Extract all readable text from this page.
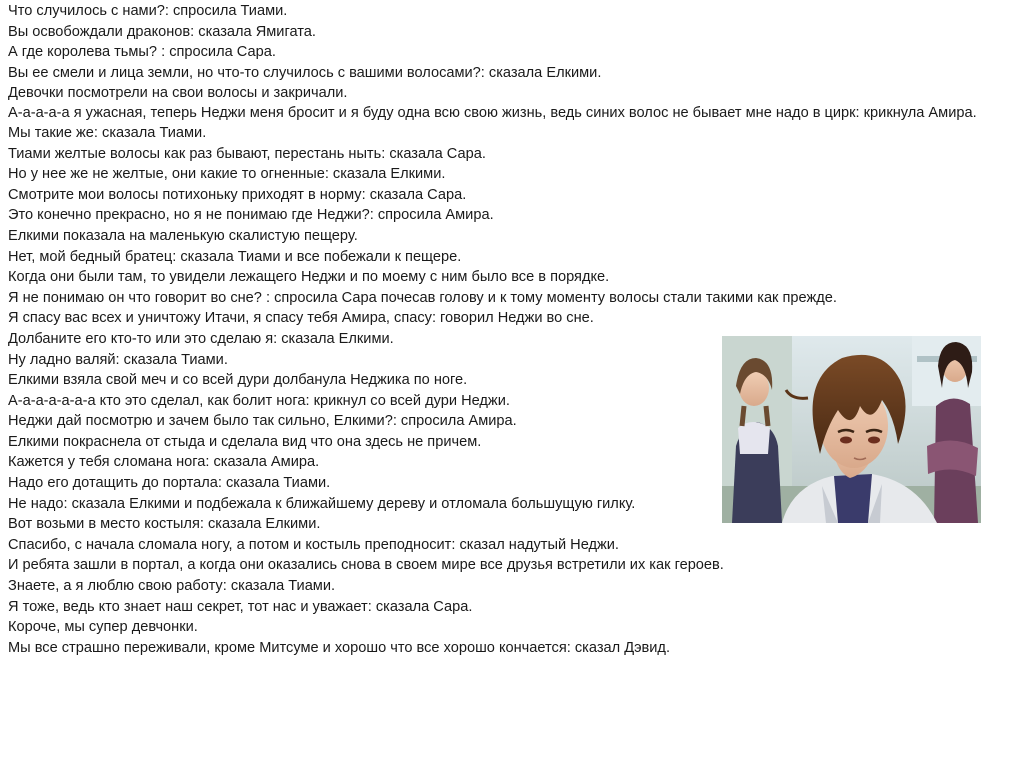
Что случилось с нами?: спросила Тиами.

Вы освобождали драконов: сказала Ямигата.

А где королева тьмы? : спросила Сара.

Вы ее смели и лица земли, но что-то случилось с вашими волосами?: сказала Елкими.

Девочки посмотрели на свои волосы и закричали.

А-а-а-а-а я ужасная, теперь Неджи меня бросит и я буду одна всю свою жизнь, ведь синих волос не бывает мне надо в цирк: крикнула Амира.

Мы такие же: сказала Тиами.

Тиами желтые волосы как раз бывают, перестань ныть: сказала Сара.

Но у нее же не желтые, они какие то огненные: сказала Елкими.

Смотрите мои волосы потихоньку приходят в норму: сказала Сара.

Это конечно прекрасно, но я не понимаю где Неджи?: спросила Амира.

Елкими показала на маленькую скалистую пещеру.

Нет, мой бедный братец: сказала Тиами и все побежали к пещере.

Когда они были там, то увидели лежащего Неджи и по моему с ним было все в порядке.

Я не понимаю он что говорит во сне? : спросила Сара почесав голову и к тому моменту волосы стали такими как прежде.

Я спасу вас всех и уничтожу Итачи, я спасу тебя Амира, спасу: говорил Неджи во сне.

Долбаните его кто-то или это сделаю я: сказала Елкими.

Ну ладно валяй: сказала Тиами.

Елкими взяла свой меч и со всей дури долбанула Неджика по ноге.

А-а-а-а-а-а-а кто это сделал, как болит нога: крикнул со всей дури Неджи.

Неджи дай посмотрю и зачем было так сильно, Елкими?: спросила Амира.

Елкими покраснела от стыда и сделала вид что она здесь не причем.

Кажется у тебя сломана нога: сказала Амира.

Надо его дотащить до портала: сказала Тиами.

Не надо: сказала Елкими и подбежала к ближайшему дереву и отломала большущую гилку.

Вот возьми в место костыля: сказала Елкими.

Спасибо, с начала сломала ногу, а потом и костыль преподносит: сказал надутый Неджи.

И ребята зашли в портал, а когда они оказались снова в своем мире все друзья встретили их как героев.

Знаете, а я люблю свою работу: сказала Тиами.

Я тоже, ведь кто знает наш секрет, тот нас и уважает: сказала Сара.

Короче, мы супер девчонки.

Мы все страшно переживали, кроме Митсуме и хорошо что все хорошо кончается: сказал Дэвид.
